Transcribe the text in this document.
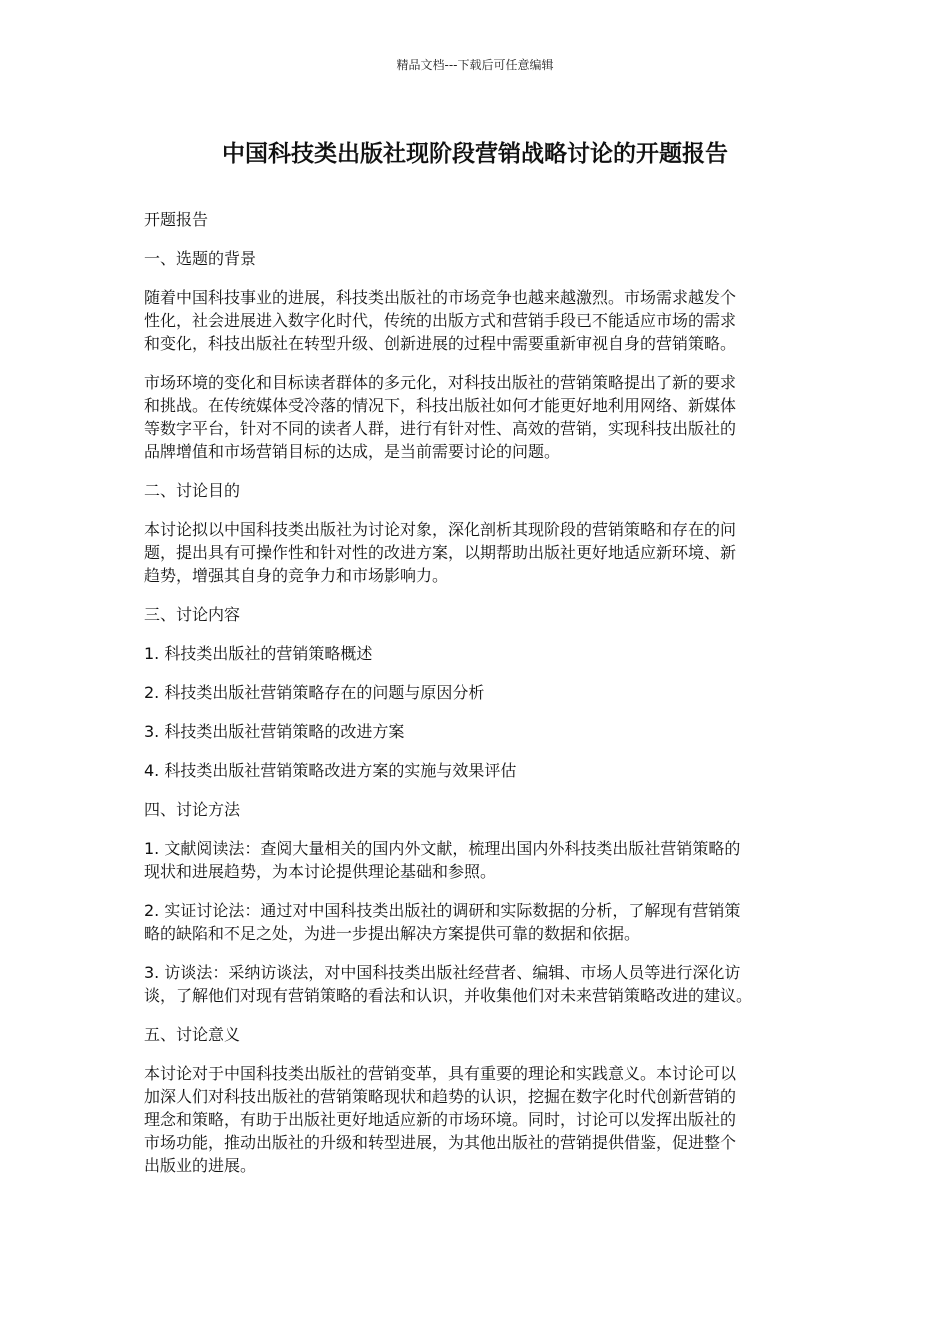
精品文档---下载后可任意编辑
中国科技类出版社现阶段营销战略讨论的开题报告

开题报告

一、选题的背景

随着中国科技事业的进展，科技类出版社的市场竞争也越来越激烈。市场需求越发个
性化，社会进展进入数字化时代，传统的出版方式和营销手段已不能适应市场的需求
和变化，科技出版社在转型升级、创新进展的过程中需要重新审视自身的营销策略。

市场环境的变化和目标读者群体的多元化，对科技出版社的营销策略提出了新的要求
和挑战。在传统媒体受冷落的情况下，科技出版社如何才能更好地利用网络、新媒体
等数字平台，针对不同的读者人群，进行有针对性、高效的营销，实现科技出版社的
品牌增值和市场营销目标的达成，是当前需要讨论的问题。

二、讨论目的

本讨论拟以中国科技类出版社为讨论对象，深化剖析其现阶段的营销策略和存在的问
题，提出具有可操作性和针对性的改进方案，以期帮助出版社更好地适应新环境、新
趋势，增强其自身的竞争力和市场影响力。

三、讨论内容

1. 科技类出版社的营销策略概述

2. 科技类出版社营销策略存在的问题与原因分析

3. 科技类出版社营销策略的改进方案

4. 科技类出版社营销策略改进方案的实施与效果评估

四、讨论方法

1. 文献阅读法：查阅大量相关的国内外文献，梳理出国内外科技类出版社营销策略的
现状和进展趋势，为本讨论提供理论基础和参照。

2. 实证讨论法：通过对中国科技类出版社的调研和实际数据的分析，了解现有营销策
略的缺陷和不足之处，为进一步提出解决方案提供可靠的数据和依据。

3. 访谈法：采纳访谈法，对中国科技类出版社经营者、编辑、市场人员等进行深化访
谈，了解他们对现有营销策略的看法和认识，并收集他们对未来营销策略改进的建议。

五、讨论意义

本讨论对于中国科技类出版社的营销变革，具有重要的理论和实践意义。本讨论可以
加深人们对科技出版社的营销策略现状和趋势的认识，挖掘在数字化时代创新营销的
理念和策略，有助于出版社更好地适应新的市场环境。同时，讨论可以发挥出版社的
市场功能，推动出版社的升级和转型进展，为其他出版社的营销提供借鉴，促进整个
出版业的进展。
